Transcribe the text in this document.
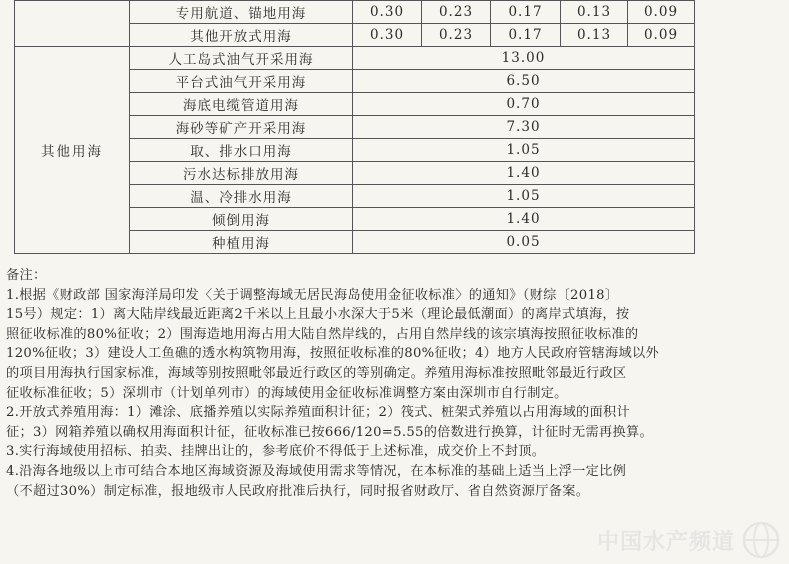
	专用航道、锚地用海	0.30	0.23	0.17	0.13	0.09
	其他开放式用海	0.30	0.23	0.17	0.13	0.09
其他用海	人工岛式油气开采用海	13.00				
	平台式油气开采用海	6.50				
	海底电缆管道用海	0.70				
	海砂等矿产开采用海	7.30				
	取、排水口用海	1.05				
	污水达标排放用海	1.40				
	温、冷排水用海	1.05				
	倾倒用海	1.40				
	种植用海	0.05				

备注：

1.根据《财政部 国家海洋局印发〈关于调整海域无居民海岛使用金征收标准〉的通知》（财综〔2018〕

15号）规定：1）离大陆岸线最近距离2千米以上且最小水深大于5米（理论最低潮面）的离岸式填海，按

照征收标准的80%征收；2）围海造地用海占用大陆自然岸线的，占用自然岸线的该宗填海按照征收标准的

120%征收；3）建设人工鱼礁的透水构筑物用海，按照征收标准的80%征收；4）地方人民政府管辖海域以外

的项目用海执行国家标准，海域等别按照毗邻最近行政区的等别确定。养殖用海标准按照毗邻最近行政区

征收标准征收；5）深圳市（计划单列市）的海域使用金征收标准调整方案由深圳市自行制定。

2.开放式养殖用海：1）滩涂、底播养殖以实际养殖面积计征；2）筏式、桩架式养殖以占用海域的面积计

征；3）网箱养殖以确权用海面积计征，征收标准已按666/120=5.55的倍数进行换算，计征时无需再换算。

3.实行海域使用招标、拍卖、挂牌出让的，参考底价不得低于上述标准，成交价上不封顶。

4.沿海各地级以上市可结合本地区海域资源及海域使用需求等情况，在本标准的基础上适当上浮一定比例

（不超过30%）制定标准，报地级市人民政府批准后执行，同时报省财政厅、省自然资源厅备案。

中国水产频道
